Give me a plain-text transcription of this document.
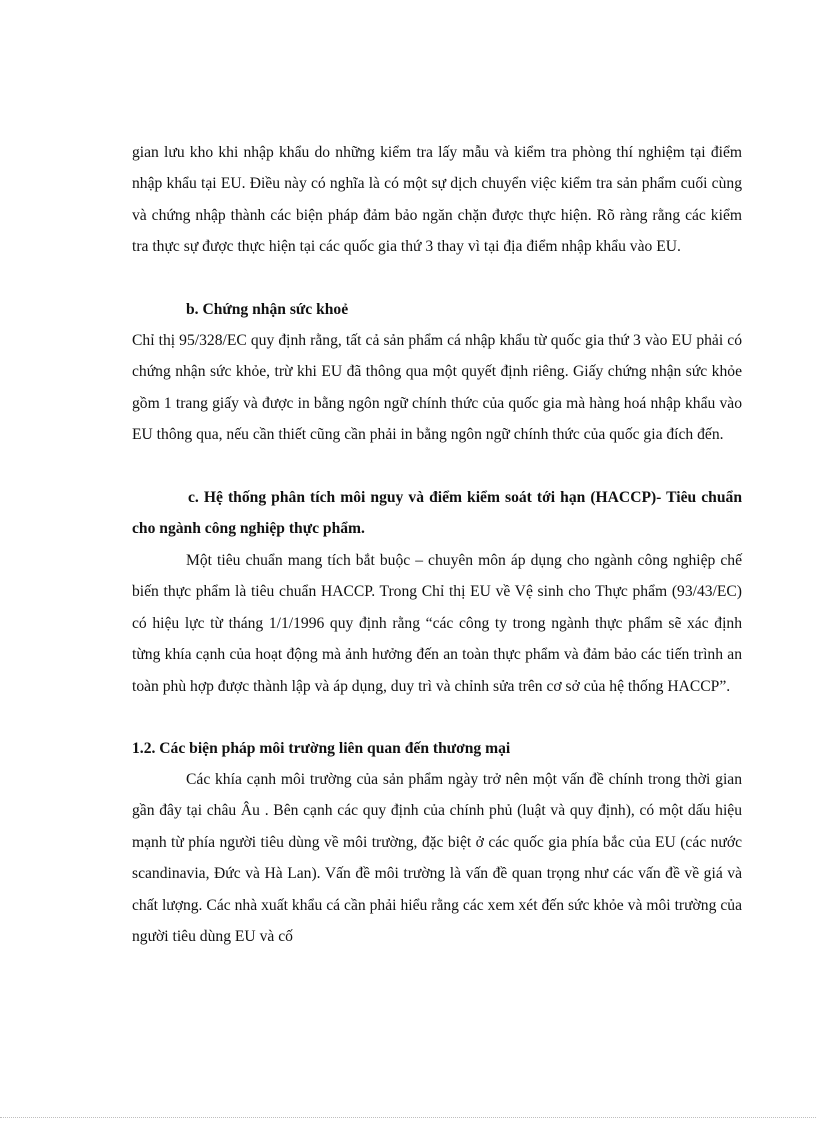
gian lưu kho khi nhập khẩu do những kiểm tra lấy mẫu và kiểm tra phòng thí nghiệm tại điểm nhập khẩu tại EU. Điều này có nghĩa là có một sự dịch chuyển việc kiểm tra sản phẩm cuối cùng và chứng nhập thành các biện pháp đảm bảo ngăn chặn được thực hiện. Rõ ràng rằng các kiểm tra thực sự được thực hiện tại các quốc gia thứ 3 thay vì tại địa điểm nhập khẩu vào EU.

b. Chứng nhận sức khoẻ

Chỉ thị 95/328/EC quy định rằng, tất cả sản phẩm cá nhập khẩu từ quốc gia thứ 3 vào EU phải có chứng nhận sức khỏe, trừ khi EU đã thông qua một quyết định riêng. Giấy chứng nhận sức khỏe gồm 1 trang giấy và được in bằng ngôn ngữ chính thức của quốc gia mà hàng hoá nhập khẩu vào EU thông qua, nếu cần thiết cũng cần phải in bằng ngôn ngữ chính thức của quốc gia đích đến.

c. Hệ thống phân tích môi nguy và điểm kiểm soát tới hạn (HACCP)- Tiêu chuẩn cho ngành công nghiệp thực phẩm.

Một tiêu chuẩn mang tích bắt buộc – chuyên môn áp dụng cho ngành công nghiệp chế biến thực phẩm là tiêu chuẩn HACCP. Trong Chỉ thị EU về Vệ sinh cho Thực phẩm (93/43/EC) có hiệu lực từ tháng 1/1/1996 quy định rằng “các công ty trong ngành thực phẩm sẽ xác định từng khía cạnh của hoạt động mà ảnh hưởng đến an toàn thực phẩm và đảm bảo các tiến trình an toàn phù hợp được thành lập và áp dụng, duy trì và chỉnh sửa trên cơ sở của hệ thống HACCP”.

1.2. Các biện pháp môi trường liên quan đến thương mại

Các khía cạnh môi trường của sản phẩm ngày trở nên một vấn đề chính trong thời gian gần đây tại châu Âu . Bên cạnh các quy định của chính phủ (luật và quy định), có một dấu hiệu mạnh từ phía người tiêu dùng về môi trường, đặc biệt ở các quốc gia phía bắc của EU (các nước scandinavia, Đức và Hà Lan). Vấn đề môi trường là vấn đề quan trọng như các vấn đề về giá và chất lượng. Các nhà xuất khẩu cá cần phải hiểu rằng các xem xét đến sức khỏe và môi trường của người tiêu dùng EU và cố
